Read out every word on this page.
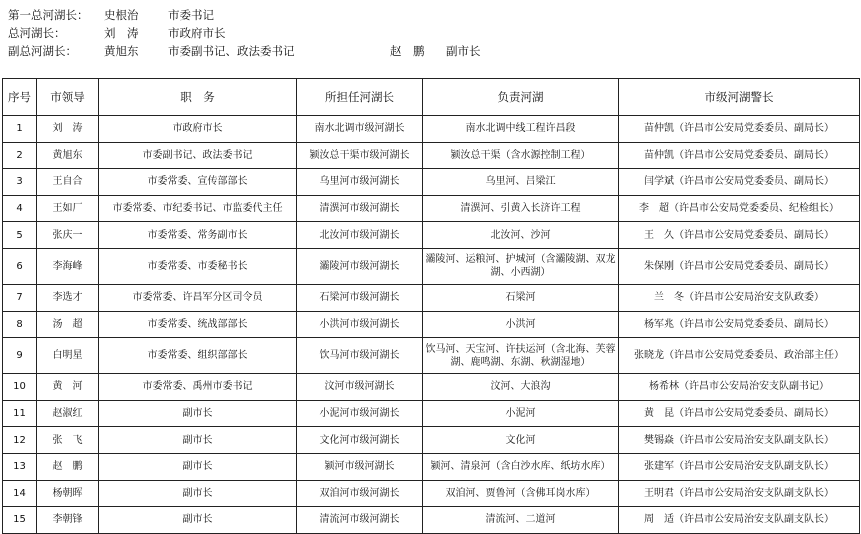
第一总河湖长： 史根治	市委书记
总河湖长：	刘　涛	市政府市长
副总河湖长： 黄旭东	市委副书记、政法委书记	赵　鹏 副市长
序号	市领导	职　务	所担任河湖长	负责河湖	市级河湖警长
1	刘　涛	市政府市长	南水北调市级河湖长	南水北调中线工程许昌段	苗仲凯（许昌市公安局党委委员、副局长）
2	黄旭东	市委副书记、政法委书记	颍汝总干渠市级河湖长	颍汝总干渠（含水源控制工程）	苗仲凯（许昌市公安局党委委员、副局长）
3	王自合	市委常委、宣传部部长	乌里河市级河湖长	乌里河、吕梁江	闫学斌（许昌市公安局党委委员、副局长）
4	王如厂	市委常委、市纪委书记、市监委代主任	清潩河市级河湖长	清潩河、引黄入长济许工程	李　超（许昌市公安局党委委员、纪检组长）
5	张庆一	市委常委、常务副市长	北汝河市级河湖长	北汝河、沙河	王　久（许昌市公安局党委委员、副局长）
6	李海峰	市委常委、市委秘书长	灞陵河市级河湖长	灞陵河、运粮河、护城河（含灞陵湖、双龙湖、小西湖）	朱保刚（许昌市公安局党委委员、副局长）
7	李选才	市委常委、许昌军分区司令员	石梁河市级河湖长	石梁河	兰　冬（许昌市公安局治安支队政委）
8	汤　超	市委常委、统战部部长	小洪河市级河湖长	小洪河	杨军兆（许昌市公安局党委委员、副局长）
9	白明星	市委常委、组织部部长	饮马河市级河湖长	饮马河、天宝河、许扶运河（含北海、芙蓉湖、鹿鸣湖、东湖、秋湖湿地）	张晓龙（许昌市公安局党委委员、政治部主任）
10	黄　河	市委常委、禹州市委书记	汶河市级河湖长	汶河、大浪沟	杨希林（许昌市公安局治安支队副书记）
11	赵淑红	副市长	小泥河市级河湖长	小泥河	黄　昆（许昌市公安局党委委员、副局长）
12	张　飞	副市长	文化河市级河湖长	文化河	樊锡焱（许昌市公安局治安支队副支队长）
13	赵　鹏	副市长	颍河市级河湖长	颍河、清泉河（含白沙水库、纸坊水库）	张建军（许昌市公安局治安支队副支队长）
14	杨朝晖	副市长	双洎河市级河湖长	双洎河、贾鲁河（含佛耳岗水库）	王明君（许昌市公安局治安支队副支队长）
15	李朝锋	副市长	清流河市级河湖长	清流河、二道河	周　适（许昌市公安局治安支队副支队长）
